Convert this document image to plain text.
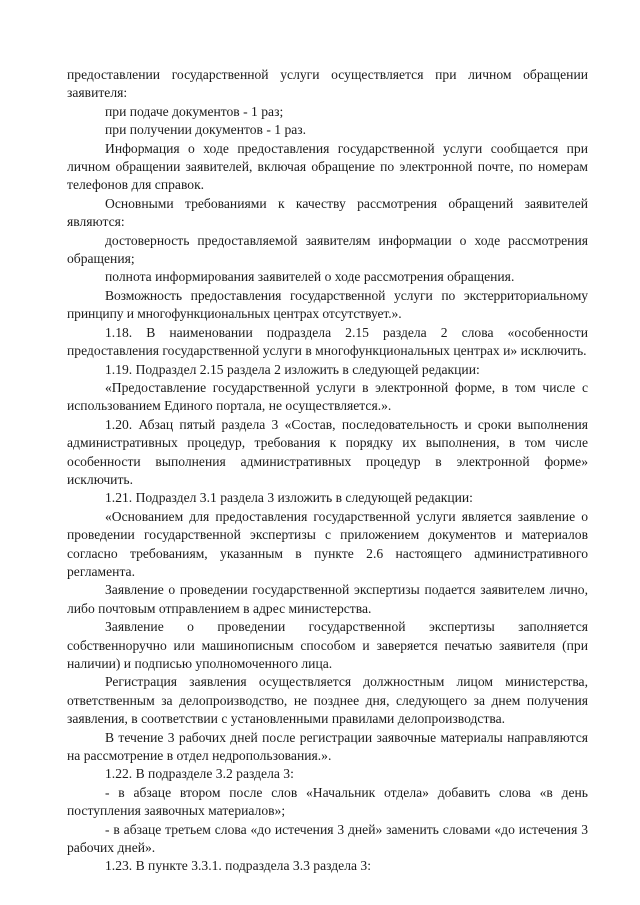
предоставлении государственной услуги осуществляется при личном обращении заявителя:

при подаче документов - 1 раз;

при получении документов - 1 раз.

Информация о ходе предоставления государственной услуги сообщается при личном обращении заявителей, включая обращение по электронной почте, по номерам телефонов для справок.

Основными требованиями к качеству рассмотрения обращений заявителей являются:

достоверность предоставляемой заявителям информации о ходе рассмотрения обращения;

полнота информирования заявителей о ходе рассмотрения обращения.

Возможность предоставления государственной услуги по экстерриториальному принципу и многофункциональных центрах отсутствует.».

1.18. В наименовании подраздела 2.15 раздела 2 слова «особенности предоставления государственной услуги в многофункциональных центрах и» исключить.

1.19. Подраздел 2.15 раздела 2 изложить в следующей редакции:

«Предоставление государственной услуги в электронной форме, в том числе с использованием Единого портала, не осуществляется.».

1.20. Абзац пятый раздела 3 «Состав, последовательность и сроки выполнения административных процедур, требования к порядку их выполнения, в том числе особенности выполнения административных процедур в электронной форме» исключить.

1.21. Подраздел 3.1 раздела 3 изложить в следующей редакции:

«Основанием для предоставления государственной услуги является заявление о проведении государственной экспертизы с приложением документов и материалов согласно требованиям, указанным в пункте 2.6 настоящего административного регламента.

Заявление о проведении государственной экспертизы подается заявителем лично, либо почтовым отправлением в адрес министерства.

Заявление о проведении государственной экспертизы заполняется собственноручно или машинописным способом и заверяется печатью заявителя (при наличии) и подписью уполномоченного лица.

Регистрация заявления осуществляется должностным лицом министерства, ответственным за делопроизводство, не позднее дня, следующего за днем получения заявления, в соответствии с установленными правилами делопроизводства.

В течение 3 рабочих дней после регистрации заявочные материалы направляются на рассмотрение в отдел недропользования.».

1.22. В подразделе 3.2 раздела 3:

- в абзаце втором после слов «Начальник отдела» добавить слова «в день поступления заявочных материалов»;

- в абзаце третьем слова «до истечения 3 дней» заменить словами «до истечения 3 рабочих дней».

1.23. В пункте 3.3.1. подраздела 3.3 раздела 3:
